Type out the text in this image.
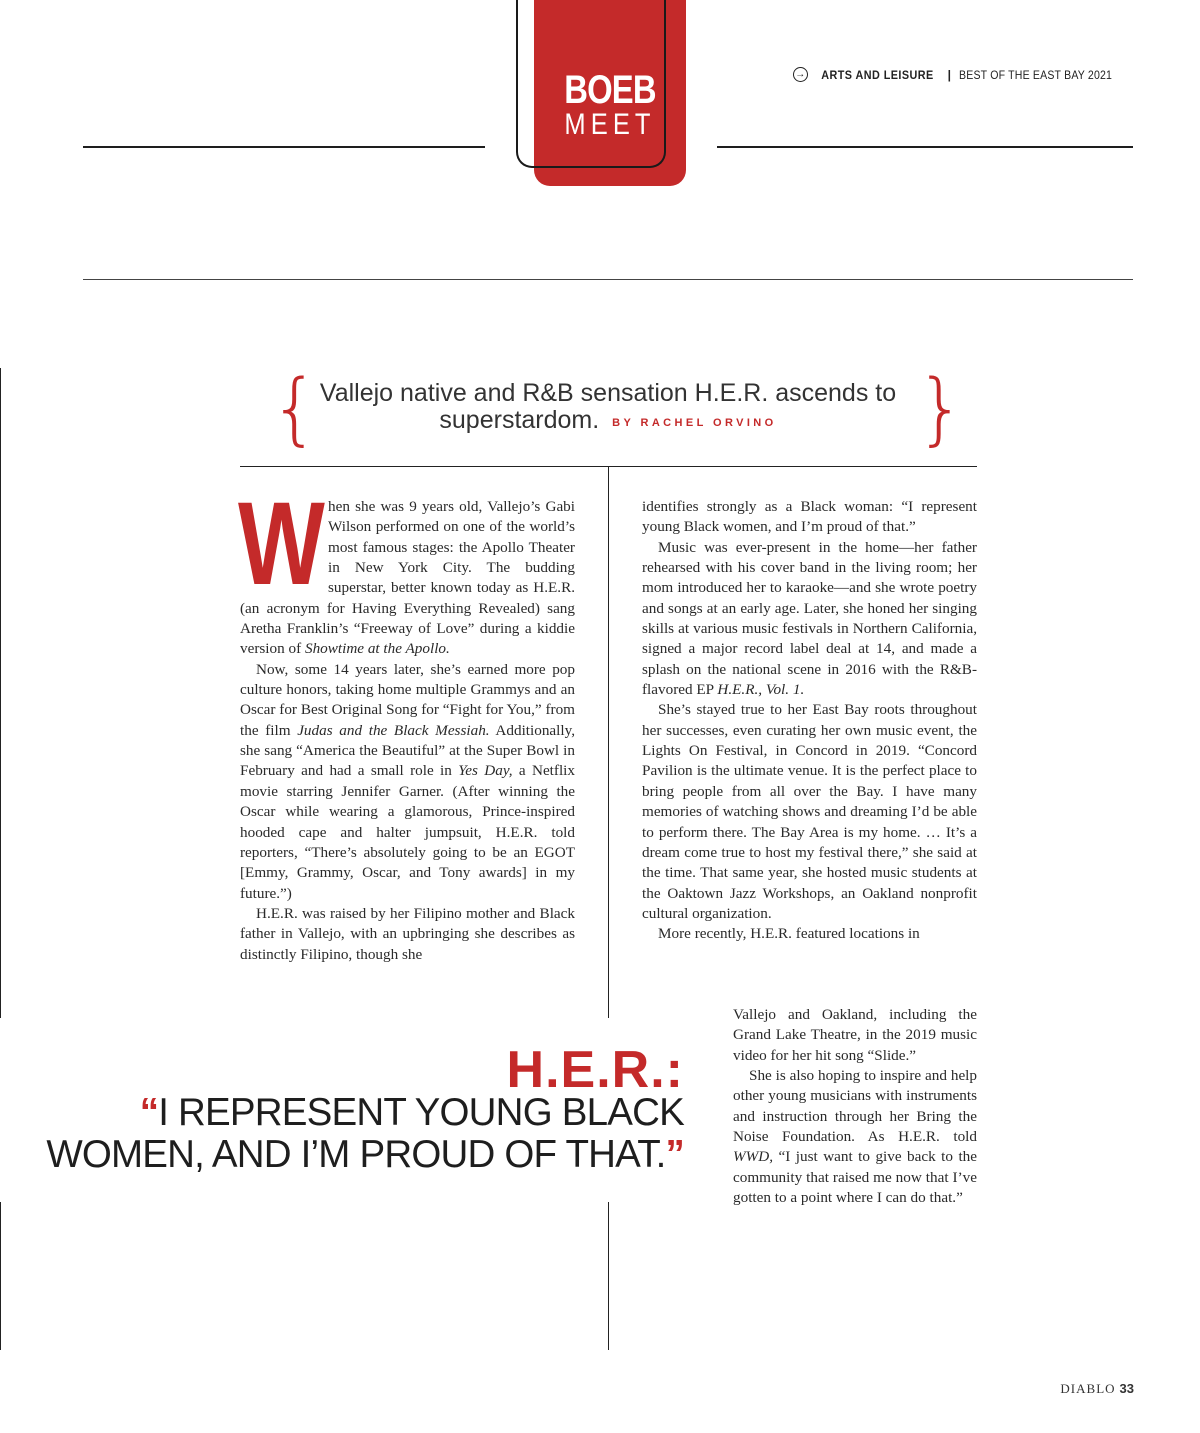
BOEB
MEET
→ ARTS AND LEISURE | BEST OF THE EAST BAY 2021
{	}
Vallejo native and R&B sensation H.E.R. ascends to superstardom. BY RACHEL ORVINO

When she was 9 years old, Vallejo’s Gabi Wilson performed on one of the world’s most famous stages: the Apollo Theater in New York City. The budding superstar, better known today as H.E.R. (an acronym for Having Everything Revealed) sang Aretha Franklin’s “Freeway of Love” during a kiddie version of Showtime at the Apollo.

Now, some 14 years later, she’s earned more pop culture honors, taking home multiple Grammys and an Oscar for Best Original Song for “Fight for You,” from the film Judas and the Black Messiah. Additionally, she sang “America the Beautiful” at the Super Bowl in February and had a small role in Yes Day, a Netflix movie starring Jennifer Garner. (After winning the Oscar while wearing a glamorous, Prince-inspired hooded cape and halter jumpsuit, H.E.R. told reporters, “There’s absolutely going to be an EGOT [Emmy, Grammy, Oscar, and Tony awards] in my future.”)

H.E.R. was raised by her Filipino mother and Black father in Vallejo, with an upbringing she describes as distinctly Filipino, though she

identifies strongly as a Black woman: “I represent young Black women, and I’m proud of that.”

Music was ever-present in the home—her father rehearsed with his cover band in the living room; her mom introduced her to karaoke—and she wrote poetry and songs at an early age. Later, she honed her singing skills at various music festivals in Northern California, signed a major record label deal at 14, and made a splash on the national scene in 2016 with the R&B-flavored EP H.E.R., Vol. 1.

She’s stayed true to her East Bay roots throughout her successes, even curating her own music event, the Lights On Festival, in Concord in 2019. “Concord Pavilion is the ultimate venue. It is the perfect place to bring people from all over the Bay. I have many memories of watching shows and dreaming I’d be able to perform there. The Bay Area is my home. … It’s a dream come true to host my festival there,” she said at the time. That same year, she hosted music students at the Oaktown Jazz Workshops, an Oakland nonprofit cultural organization.

More recently, H.E.R. featured locations in

Vallejo and Oakland, including the Grand Lake Theatre, in the 2019 music video for her hit song “Slide.”

She is also hoping to inspire and help other young musicians with instruments and instruction through her Bring the Noise Foundation. As H.E.R. told WWD, “I just want to give back to the community that raised me now that I’ve gotten to a point where I can do that.”

H.E.R.:
“I REPRESENT YOUNG BLACK WOMEN, AND I’M PROUD OF THAT.”
DIABLO 33
